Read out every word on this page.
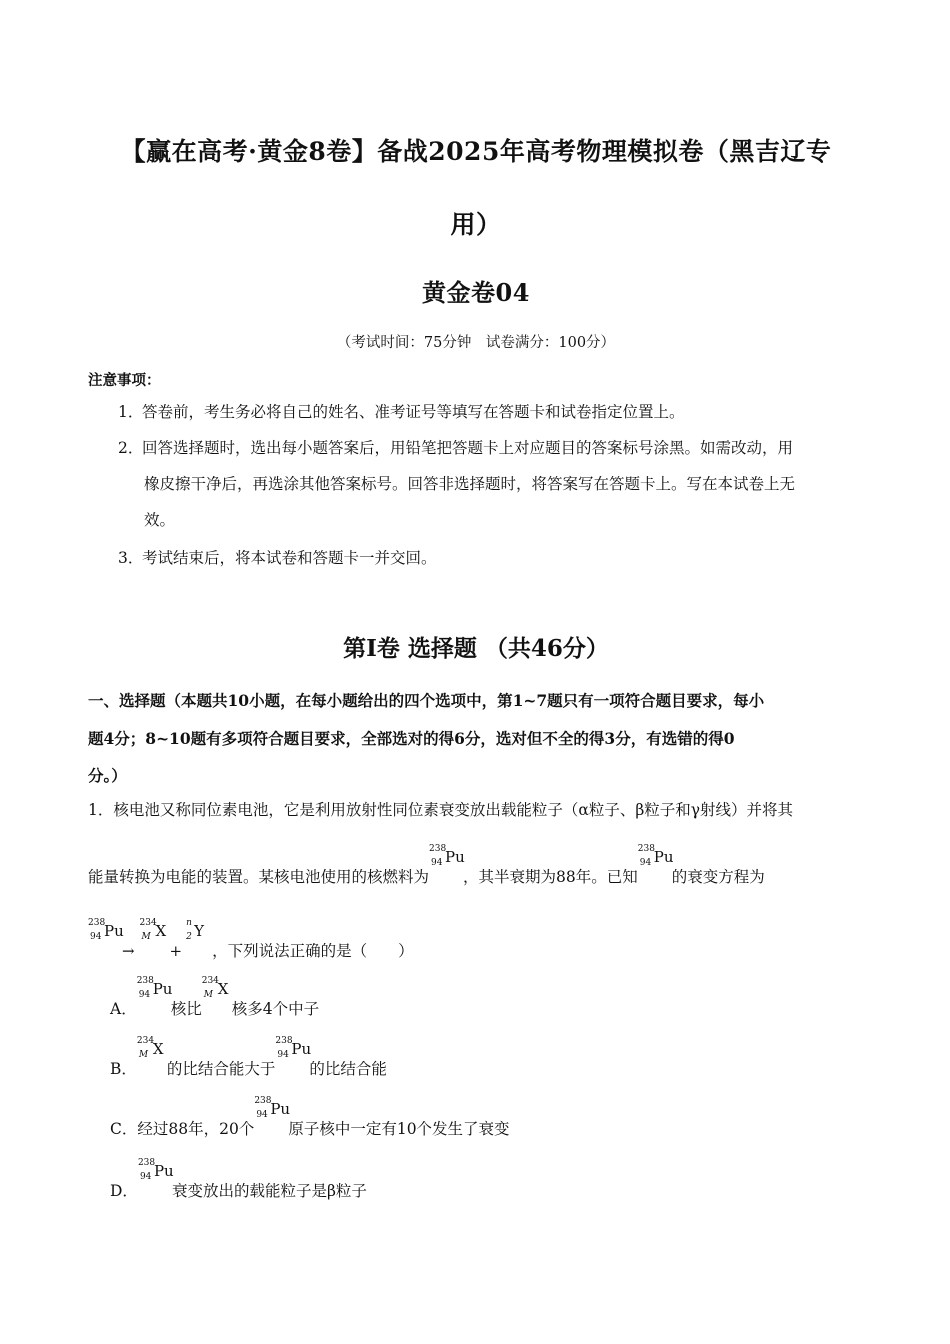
【赢在高考·黄金8卷】备战2025年高考物理模拟卷（黑吉辽专
用）
黄金卷04
（考试时间：75分钟　试卷满分：100分）
注意事项：
1．答卷前，考生务必将自己的姓名、准考证号等填写在答题卡和试卷指定位置上。
2．回答选择题时，选出每小题答案后，用铅笔把答题卡上对应题目的答案标号涂黑。如需改动，用
橡皮擦干净后，再选涂其他答案标号。回答非选择题时，将答案写在答题卡上。写在本试卷上无
效。
3．考试结束后，将本试卷和答题卡一并交回。
第Ⅰ卷 选择题 （共46分）
一、选择题（本题共10小题，在每小题给出的四个选项中，第1~7题只有一项符合题目要求，每小
题4分；8~10题有多项符合题目要求，全部选对的得6分，选对但不全的得3分，有选错的得0
分。）
1．核电池又称同位素电池，它是利用放射性同位素衰变放出载能粒子（α粒子、β粒子和γ射线）并将其
能量转换为电能的装置。某核电池使用的核燃料为
238
94 Pu
，其半衰期为88年。已知
238
94 Pu
的衰变方程为
238
94 Pu
→
234
M X
+
n
2 Y
，下列说法正确的是（　　）
A．
238
94 Pu
核比
234
M X
核多4个中子
B．
234
M X
的比结合能大于
238
94 Pu
的比结合能
C．经过88年，20个
238
94 Pu
原子核中一定有10个发生了衰变
D．
238
94 Pu
衰变放出的载能粒子是β粒子
